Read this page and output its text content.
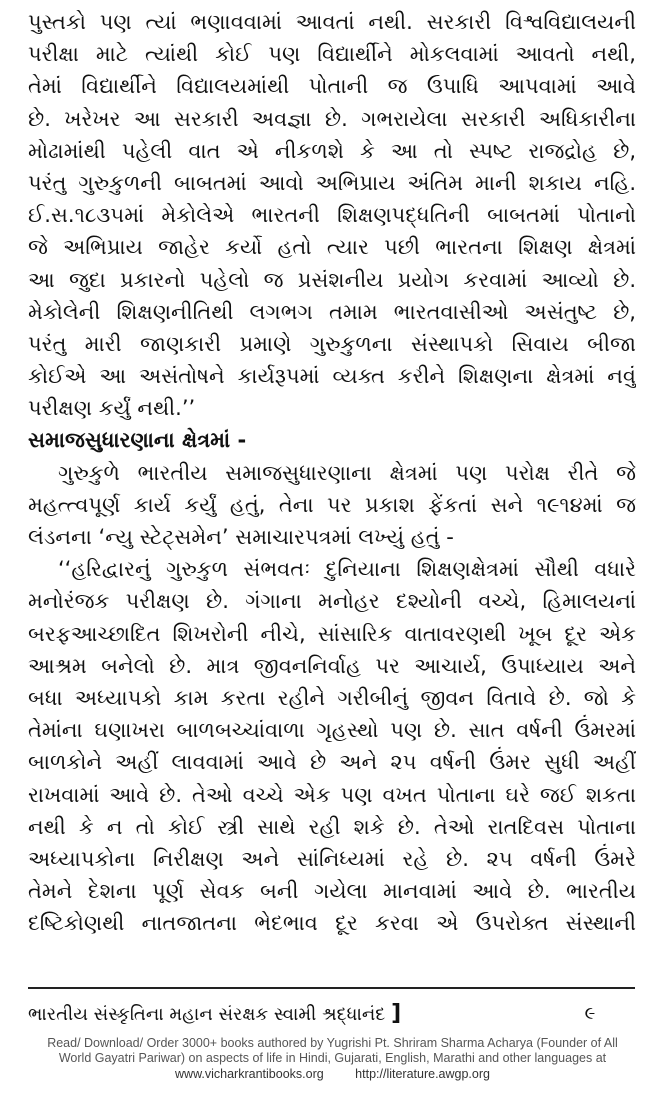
પુસ્તકો પણ ત્યાં ભણાવવામાં આવતાં નથી. સરકારી વિશ્વવિદ્યાલયની
પરીક્ષા માટે ત્યાંથી કોઈ પણ વિદ્યાર્થીને મોકલવામાં આવતો નથી,
તેમાં વિદ્યાર્થીને વિદ્યાલયમાંથી પોતાની જ ઉપાધિ આપવામાં આવે
છે. ખરેખર આ સરકારી અવજ્ઞા છે. ગભરાયેલા સરકારી અધિકારીના
મોઢામાંથી પહેલી વાત એ નીકળશે કે આ તો સ્પષ્ટ રાજદ્રોહ છે,
પરંતુ ગુરુકુળની બાબતમાં આવો અભિપ્રાય અંતિમ માની શકાય નહિ.
ઈ.સ.૧૮૩૫માં મેકોલેએ ભારતની શિક્ષણપદ્ધતિની બાબતમાં પોતાનો
જે અભિપ્રાય જાહેર કર્યો હતો ત્યાર પછી ભારતના શિક્ષણ ક્ષેત્રમાં
આ જુદા પ્રકારનો પહેલો જ પ્રસંશનીય પ્રયોગ કરવામાં આવ્યો છે.
મેકોલેની શિક્ષણનીતિથી લગભગ તમામ ભારતવાસીઓ અસંતુષ્ટ છે,
પરંતુ મારી જાણકારી પ્રમાણે ગુરુકુળના સંસ્થાપકો સિવાય બીજા
કોઈએ આ અસંતોષને કાર્યરૂપમાં વ્યક્ત કરીને શિક્ષણના ક્ષેત્રમાં નવું
પરીક્ષણ કર્યું નથી.’’
સમાજસુધારણાના ક્ષેત્રમાં -
ગુરુકુળે ભારતીય સમાજસુધારણાના ક્ષેત્રમાં પણ પરોક્ષ રીતે જે
મહત્ત્વપૂર્ણ કાર્ય કર્યું હતું, તેના પર પ્રકાશ ફેંકતાં સને ૧૯૧૪માં જ
લંડનના ‘ન્યુ સ્ટેટ્સમેન’ સમાચારપત્રમાં લખ્યું હતું -
‘‘હરિદ્વારનું ગુરુકુળ સંભવતઃ દુનિયાના શિક્ષણક્ષેત્રમાં સૌથી વધારે
મનોરંજક પરીક્ષણ છે. ગંગાના મનોહર દશ્યોની વચ્ચે, હિમાલયનાં
બરફઆચ્છાદિત શિખરોની નીચે, સાંસારિક વાતાવરણથી ખૂબ દૂર એક
આશ્રમ બનેલો છે. માત્ર જીવનનિર્વાહ પર આચાર્ય, ઉપાધ્યાય અને
બધા અધ્યાપકો કામ કરતા રહીને ગરીબીનું જીવન વિતાવે છે. જો કે
તેમાંના ઘણાખરા બાળબચ્ચાંવાળા ગૃહસ્થો પણ છે. સાત વર્ષની ઉંમરમાં
બાળકોને અહીં લાવવામાં આવે છે અને ૨૫ વર્ષની ઉંમર સુધી અહીં
રાખવામાં આવે છે. તેઓ વચ્ચે એક પણ વખત પોતાના ઘરે જઈ શકતા
નથી કે ન તો કોઈ સ્ત્રી સાથે રહી શકે છે. તેઓ રાતદિવસ પોતાના
અધ્યાપકોના નિરીક્ષણ અને સાંનિધ્યમાં રહે છે. ૨૫ વર્ષની ઉંમરે
તેમને દેશના પૂર્ણ સેવક બની ગયેલા માનવામાં આવે છે. ભારતીય
દષ્ટિકોણથી નાતજાતના ભેદભાવ દૂર કરવા એ ઉપરોક્ત સંસ્થાની
ભારતીય સંસ્કૃતિના મહાન સંરક્ષક સ્વામી શ્રદ્ધાનંદ ]	૯
Read/ Download/ Order 3000+ books authored by Yugrishi Pt. Shriram Sharma Acharya (Founder of All
World Gayatri Pariwar) on aspects of life in Hindi, Gujarati, English, Marathi and other languages at
www.vicharkrantibooks.org	http://literature.awgp.org
